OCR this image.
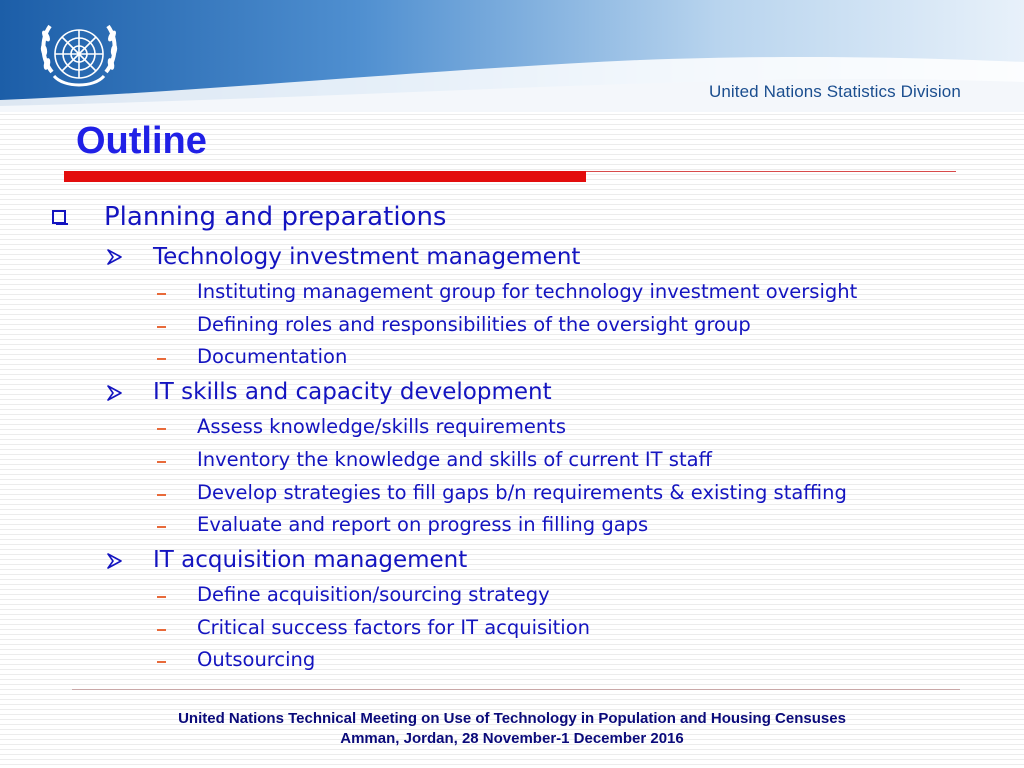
United Nations Statistics Division
Outline
Planning and preparations
Technology investment management
Instituting management group for technology investment oversight
Defining roles and responsibilities of the oversight group
Documentation
IT skills and capacity development
Assess knowledge/skills requirements
Inventory the knowledge and skills of current IT staff
Develop strategies to fill gaps b/n requirements & existing staffing
Evaluate and report on progress in filling gaps
IT acquisition management
Define acquisition/sourcing strategy
Critical success factors for IT acquisition
Outsourcing
United Nations Technical Meeting on Use of Technology in Population and Housing Censuses
Amman, Jordan, 28 November-1 December 2016
